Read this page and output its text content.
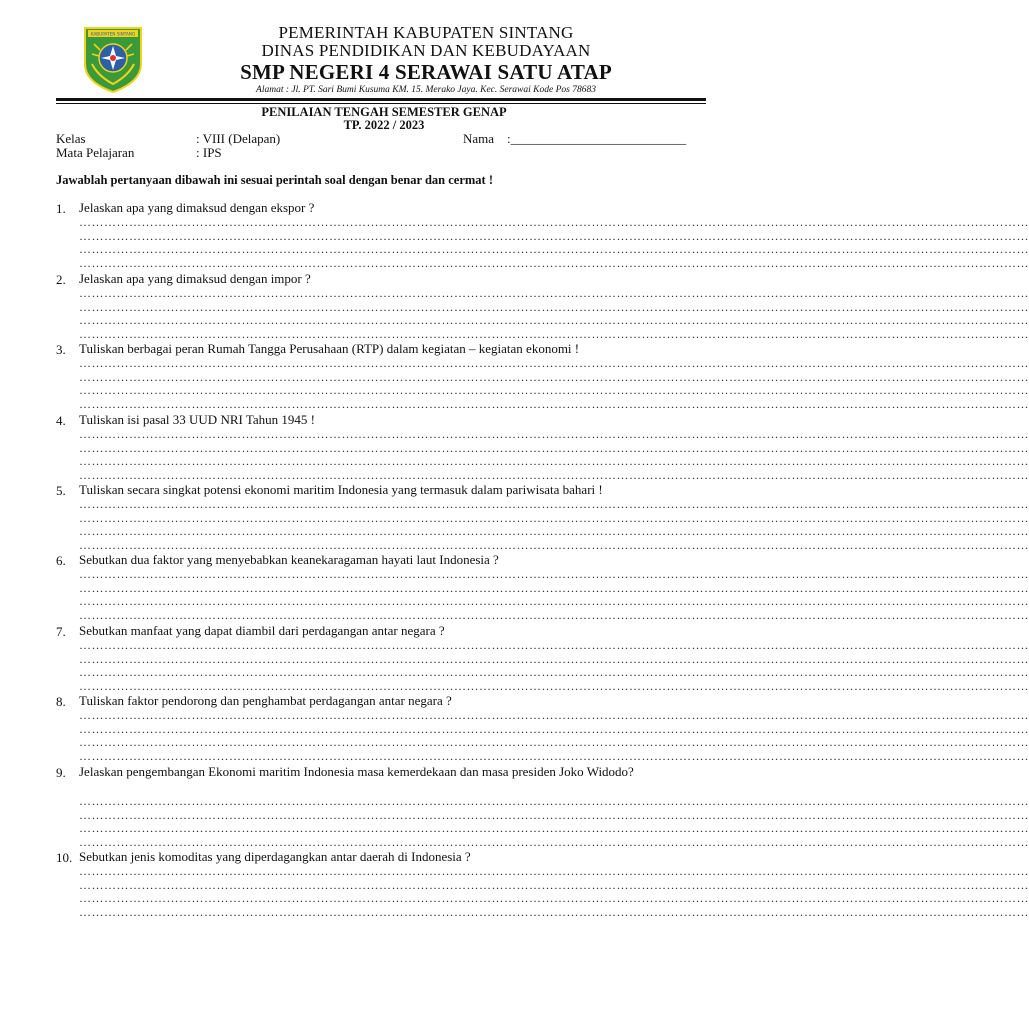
KABUPATEN SINTANG	PEMERINTAH KABUPATEN SINTANG
DINAS PENDIDIKAN DAN KEBUDAYAAN
SMP NEGERI 4 SERAWAI SATU ATAP
Alamat : Jl. PT. Sari Bumi Kusuma KM. 15. Merako Jaya. Kec. Serawai Kode Pos 78683
PENILAIAN TENGAH SEMESTER GENAP
TP. 2022 / 2023
Kelas	: VIII (Delapan)	Nama :___________________________
Mata Pelajaran	: IPS
Jawablah pertanyaan dibawah ini sesuai perintah soal dengan benar dan cermat !
1.	Jelaskan apa yang dimaksud dengan ekspor ?
…………………………………………………………………………………………………………………………………………………………………………………………………………
…………………………………………………………………………………………………………………………………………………………………………………………………………
…………………………………………………………………………………………………………………………………………………………………………………………………………
…………………………………………………………………………………………………………………………………………………………………………………………………………
2.	Jelaskan apa yang dimaksud dengan impor ?
…………………………………………………………………………………………………………………………………………………………………………………………………………
…………………………………………………………………………………………………………………………………………………………………………………………………………
…………………………………………………………………………………………………………………………………………………………………………………………………………
…………………………………………………………………………………………………………………………………………………………………………………………………………
3.	Tuliskan berbagai peran Rumah Tangga Perusahaan (RTP) dalam kegiatan – kegiatan ekonomi !
…………………………………………………………………………………………………………………………………………………………………………………………………………
…………………………………………………………………………………………………………………………………………………………………………………………………………
…………………………………………………………………………………………………………………………………………………………………………………………………………
…………………………………………………………………………………………………………………………………………………………………………………………………………
4.	Tuliskan isi pasal 33 UUD NRI Tahun 1945 !
…………………………………………………………………………………………………………………………………………………………………………………………………………
…………………………………………………………………………………………………………………………………………………………………………………………………………
…………………………………………………………………………………………………………………………………………………………………………………………………………
…………………………………………………………………………………………………………………………………………………………………………………………………………
5.	Tuliskan secara singkat potensi ekonomi maritim Indonesia yang termasuk dalam pariwisata bahari !
…………………………………………………………………………………………………………………………………………………………………………………………………………
…………………………………………………………………………………………………………………………………………………………………………………………………………
…………………………………………………………………………………………………………………………………………………………………………………………………………
…………………………………………………………………………………………………………………………………………………………………………………………………………
6.	Sebutkan dua faktor yang menyebabkan keanekaragaman hayati laut Indonesia ?
…………………………………………………………………………………………………………………………………………………………………………………………………………
…………………………………………………………………………………………………………………………………………………………………………………………………………
…………………………………………………………………………………………………………………………………………………………………………………………………………
…………………………………………………………………………………………………………………………………………………………………………………………………………
7.	Sebutkan manfaat yang dapat diambil dari perdagangan antar negara ?
…………………………………………………………………………………………………………………………………………………………………………………………………………
…………………………………………………………………………………………………………………………………………………………………………………………………………
…………………………………………………………………………………………………………………………………………………………………………………………………………
…………………………………………………………………………………………………………………………………………………………………………………………………………
8.	Tuliskan faktor pendorong dan penghambat perdagangan antar negara ?
…………………………………………………………………………………………………………………………………………………………………………………………………………
…………………………………………………………………………………………………………………………………………………………………………………………………………
…………………………………………………………………………………………………………………………………………………………………………………………………………
…………………………………………………………………………………………………………………………………………………………………………………………………………
9.	Jelaskan pengembangan Ekonomi maritim Indonesia masa kemerdekaan dan masa presiden Joko Widodo?
…………………………………………………………………………………………………………………………………………………………………………………………………………
…………………………………………………………………………………………………………………………………………………………………………………………………………
…………………………………………………………………………………………………………………………………………………………………………………………………………
…………………………………………………………………………………………………………………………………………………………………………………………………………
10. Sebutkan jenis komoditas yang diperdagangkan antar daerah di Indonesia ?
…………………………………………………………………………………………………………………………………………………………………………………………………………
…………………………………………………………………………………………………………………………………………………………………………………………………………
…………………………………………………………………………………………………………………………………………………………………………………………………………
…………………………………………………………………………………………………………………………………………………………………………………………………………
